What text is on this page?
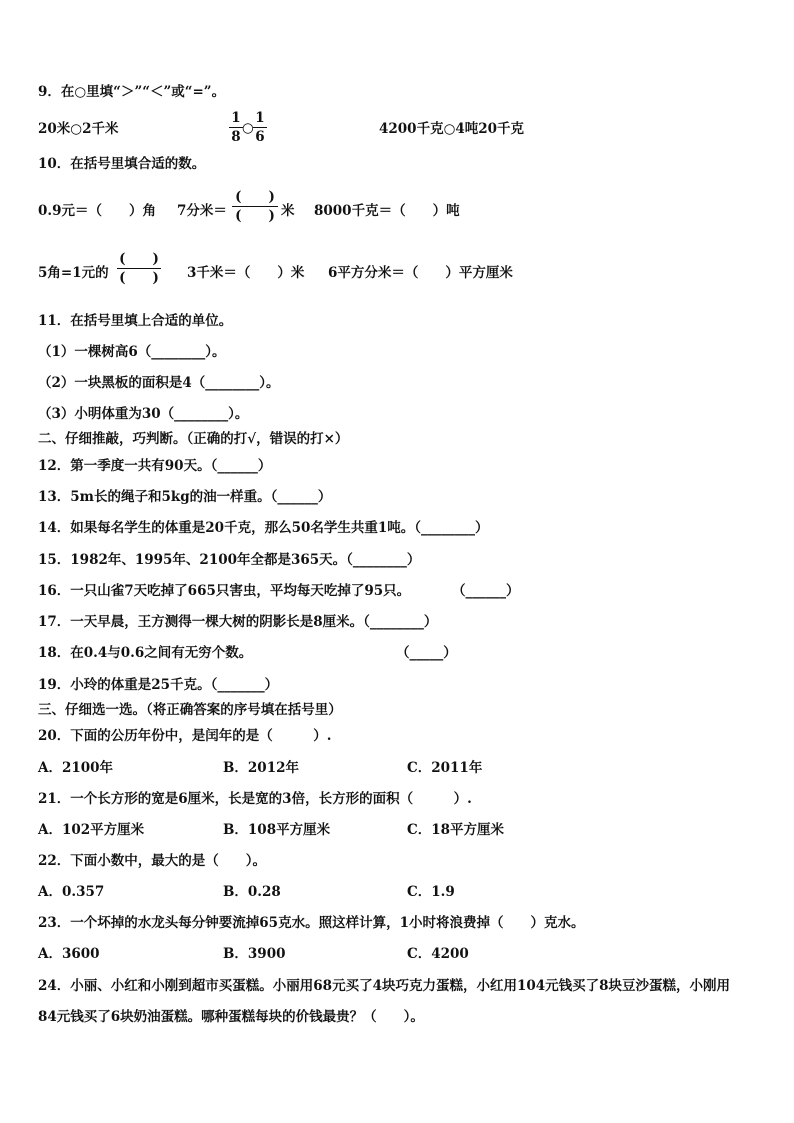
9．在○里填“＞”“＜”或“=”。
20米○2千米
1
8
○
1
6	4200千克○4吨20千克
10．在括号里填合适的数。
0.9元＝（　　）角 7分米＝
(　　)
(　　) 米 8000千克＝（　　）吨
5角=1元的
(　　)
(　　) 3千米＝（　　）米 6平方分米＝（　　）平方厘米
11．在括号里填上合适的单位。
（1）一棵树高6（________）。
（2）一块黑板的面积是4（________）。
（3）小明体重为30（________）。
二、仔细推敲，巧判断。（正确的打√，错误的打×）
12．第一季度一共有90天。（______）
13．5m长的绳子和5kg的油一样重。（______）
14．如果每名学生的体重是20千克，那么50名学生共重1吨。（________）
15．1982年、1995年、2100年全都是365天。（________）
16．一只山雀7天吃掉了665只害虫，平均每天吃掉了95只。	（______）
17．一天早晨，王方测得一棵大树的阴影长是8厘米。（________）
18．在0.4与0.6之间有无穷个数。	（_____）
19．小玲的体重是25千克。（_______）
三、仔细选一选。（将正确答案的序号填在括号里）
20．下面的公历年份中，是闰年的是（　　　）.
A．2100年	B．2012年	C．2011年
21．一个长方形的宽是6厘米，长是宽的3倍，长方形的面积（　　　）.
A．102平方厘米	B．108平方厘米	C．18平方厘米
22．下面小数中，最大的是（　　）。
A．0.357	B．0.28	C．1.9
23．一个坏掉的水龙头每分钟要流掉65克水。照这样计算，1小时将浪费掉（　　）克水。
A．3600	B．3900	C．4200
24．小丽、小红和小刚到超市买蛋糕。小丽用68元买了4块巧克力蛋糕，小红用104元钱买了8块豆沙蛋糕，小刚用
84元钱买了6块奶油蛋糕。哪种蛋糕每块的价钱最贵？（　　）。
